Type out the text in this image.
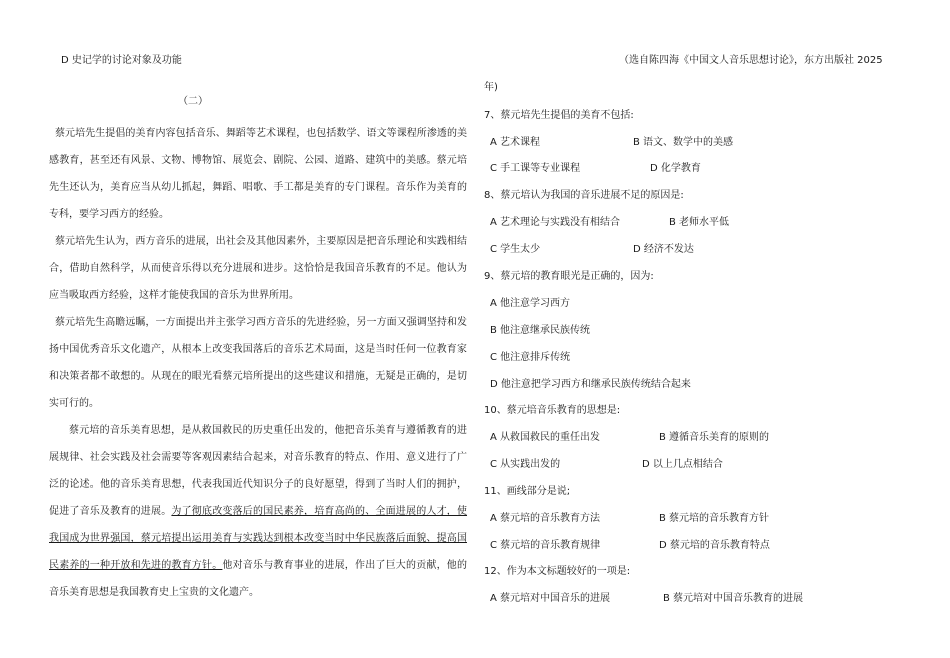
D 史记学的讨论对象及功能	（选自陈四海《中国文人音乐思想讨论》，东方出版社 2025
年)
（二）

蔡元培先生提倡的美育内容包括音乐、舞蹈等艺术课程，也包括数学、语文等课程所渗透的美感教育，甚至还有风景、文物、博物馆、展览会、剧院、公园、道路、建筑中的美感。蔡元培先生还认为，美育应当从幼儿抓起，舞蹈、唱歌、手工都是美育的专门课程。音乐作为美育的专科，要学习西方的经验。

蔡元培先生认为，西方音乐的进展，出社会及其他因素外，主要原因是把音乐理论和实践相结合，借助自然科学，从而使音乐得以充分进展和进步。这恰恰是我国音乐教育的不足。他认为应当吸取西方经验，这样才能使我国的音乐为世界所用。

蔡元培先生高瞻远瞩，一方面提出并主张学习西方音乐的先进经验，另一方面又强调坚持和发扬中国优秀音乐文化遗产，从根本上改变我国落后的音乐艺术局面，这是当时任何一位教育家和决策者都不敢想的。从现在的眼光看蔡元培所提出的这些建议和措施，无疑是正确的，是切实可行的。

蔡元培的音乐美育思想，是从救国救民的历史重任出发的，他把音乐美育与遵循教育的进展规律、社会实践及社会需要等客观因素结合起来，对音乐教育的特点、作用、意义进行了广泛的论述。他的音乐美育思想，代表我国近代知识分子的良好愿望，得到了当时人们的拥护，促进了音乐及教育的进展。为了彻底改变落后的国民素养，培育高尚的、全面进展的人才，使我国成为世界强国，蔡元培提出运用美育与实践达到根本改变当时中华民族落后面貌、提高国民素养的一种开放和先进的教育方针。他对音乐与教育事业的进展，作出了巨大的贡献，他的音乐美育思想是我国教育史上宝贵的文化遗产。

7、蔡元培先生提倡的美育不包括:
A 艺术课程	B 语文、数学中的美感
C 手工课等专业课程	D 化学教育
8、蔡元培认为我国的音乐进展不足的原因是:
A 艺术理论与实践没有相结合	B 老师水平低
C 学生太少	D 经济不发达
9、蔡元培的教育眼光是正确的，因为:
A 他注意学习西方
B 他注意继承民族传统
C 他注意排斥传统
D 他注意把学习西方和继承民族传统结合起来
10、蔡元培音乐教育的思想是:
A 从救国救民的重任出发	B 遵循音乐美育的原则的
C 从实践出发的	D 以上几点相结合
11、画线部分是说;
A 蔡元培的音乐教育方法	B 蔡元培的音乐教育方针
C 蔡元培的音乐教育规律	D 蔡元培的音乐教育特点
12、作为本文标题较好的一项是:
A 蔡元培对中国音乐的进展	B 蔡元培对中国音乐教育的进展
